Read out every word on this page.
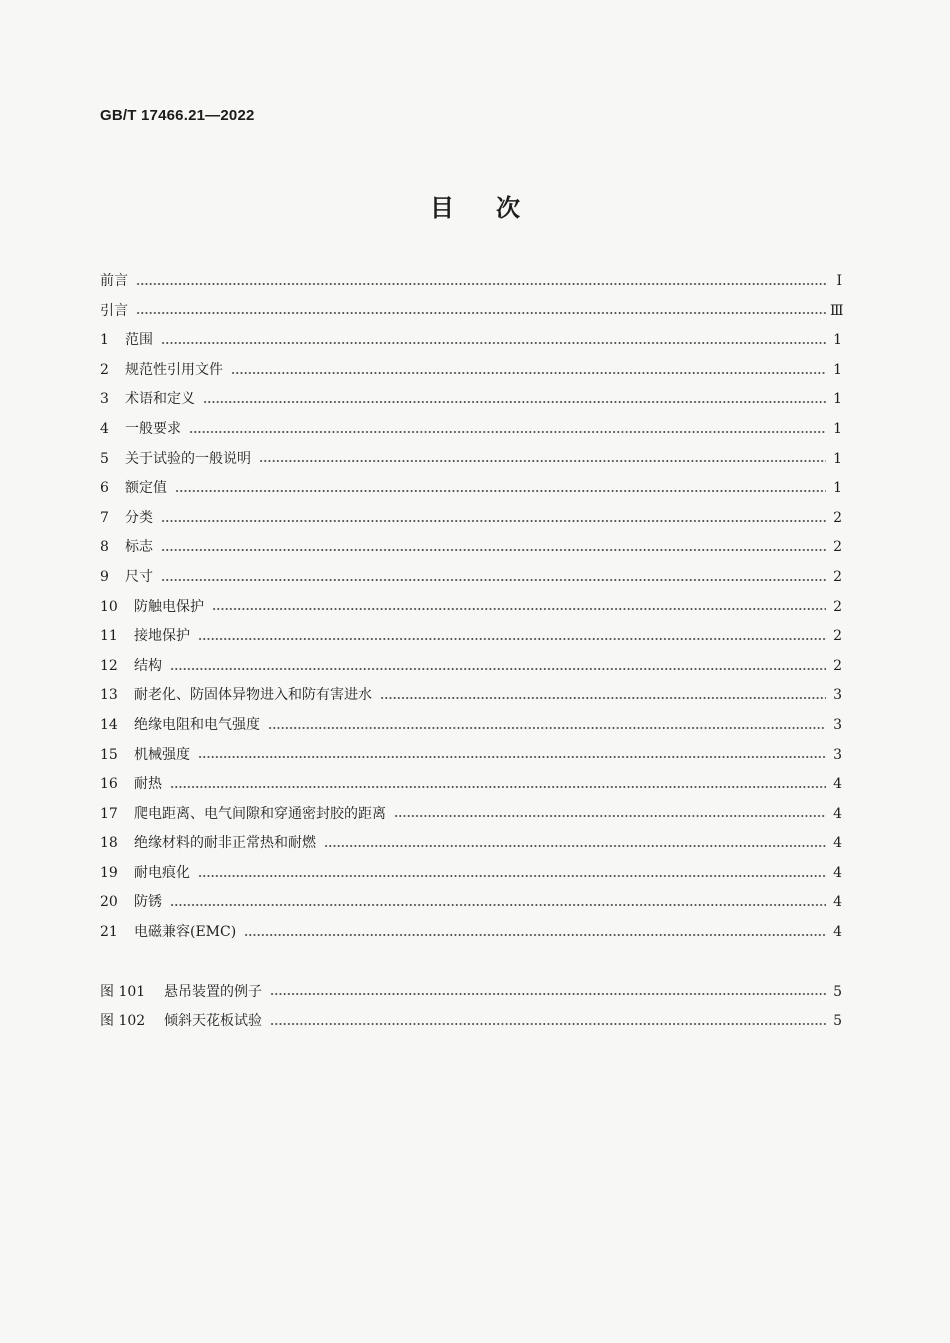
GB/T 17466.21—2022
目次
前言	Ⅰ
引言	Ⅲ
1	范围	1
2	规范性引用文件	1
3	术语和定义	1
4	一般要求	1
5	关于试验的一般说明	1
6	额定值	1
7	分类	2
8	标志	2
9	尺寸	2
10	防触电保护	2
11	接地保护	2
12	结构	2
13	耐老化、防固体异物进入和防有害进水	3
14	绝缘电阻和电气强度	3
15	机械强度	3
16	耐热	4
17	爬电距离、电气间隙和穿通密封胶的距离	4
18	绝缘材料的耐非正常热和耐燃	4
19	耐电痕化	4
20	防锈	4
21	电磁兼容(EMC)	4
图 101	悬吊装置的例子	5
图 102	倾斜天花板试验	5
